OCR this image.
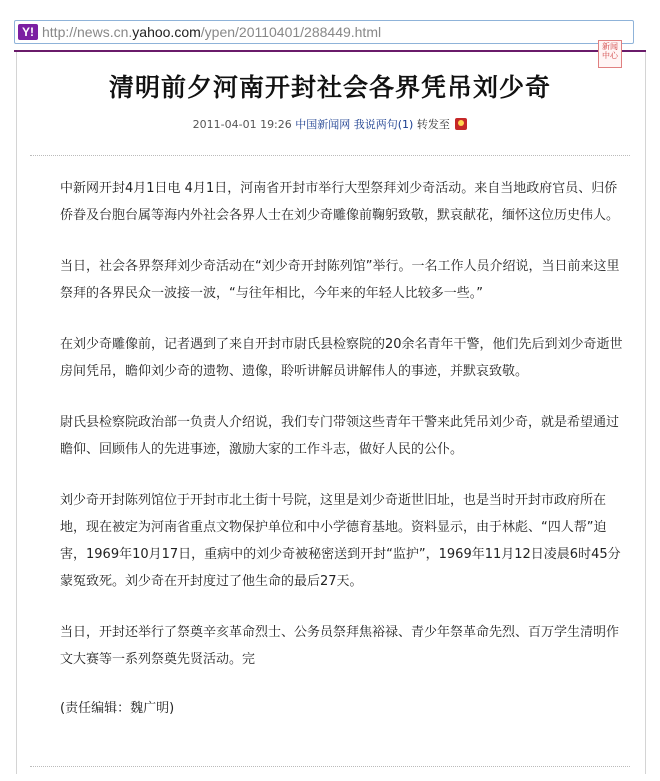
Y! http://news.cn.yahoo.com/ypen/20110401/288449.html
新闻
中心
清明前夕河南开封社会各界凭吊刘少奇
2011-04-01 19:26 中国新闻网 我说两句(1) 转发至

中新网开封4月1日电 4月1日，河南省开封市举行大型祭拜刘少奇活动。来自当地政府官员、归侨侨眷及台胞台属等海内外社会各界人士在刘少奇雕像前鞠躬致敬，默哀献花，缅怀这位历史伟人。

当日，社会各界祭拜刘少奇活动在“刘少奇开封陈列馆”举行。一名工作人员介绍说，当日前来这里祭拜的各界民众一波接一波，“与往年相比，今年来的年轻人比较多一些。”

在刘少奇雕像前，记者遇到了来自开封市尉氏县检察院的20余名青年干警，他们先后到刘少奇逝世房间凭吊，瞻仰刘少奇的遗物、遗像，聆听讲解员讲解伟人的事迹，并默哀致敬。

尉氏县检察院政治部一负责人介绍说，我们专门带领这些青年干警来此凭吊刘少奇，就是希望通过瞻仰、回顾伟人的先进事迹，激励大家的工作斗志，做好人民的公仆。

刘少奇开封陈列馆位于开封市北土街十号院，这里是刘少奇逝世旧址，也是当时开封市政府所在地，现在被定为河南省重点文物保护单位和中小学德育基地。资料显示，由于林彪、“四人帮”迫害，1969年10月17日，重病中的刘少奇被秘密送到开封“监护”，1969年11月12日凌晨6时45分蒙冤致死。刘少奇在开封度过了他生命的最后27天。

当日，开封还举行了祭奠辛亥革命烈士、公务员祭拜焦裕禄、青少年祭革命先烈、百万学生清明作文大赛等一系列祭奠先贤活动。完

(责任编辑：魏广明)
